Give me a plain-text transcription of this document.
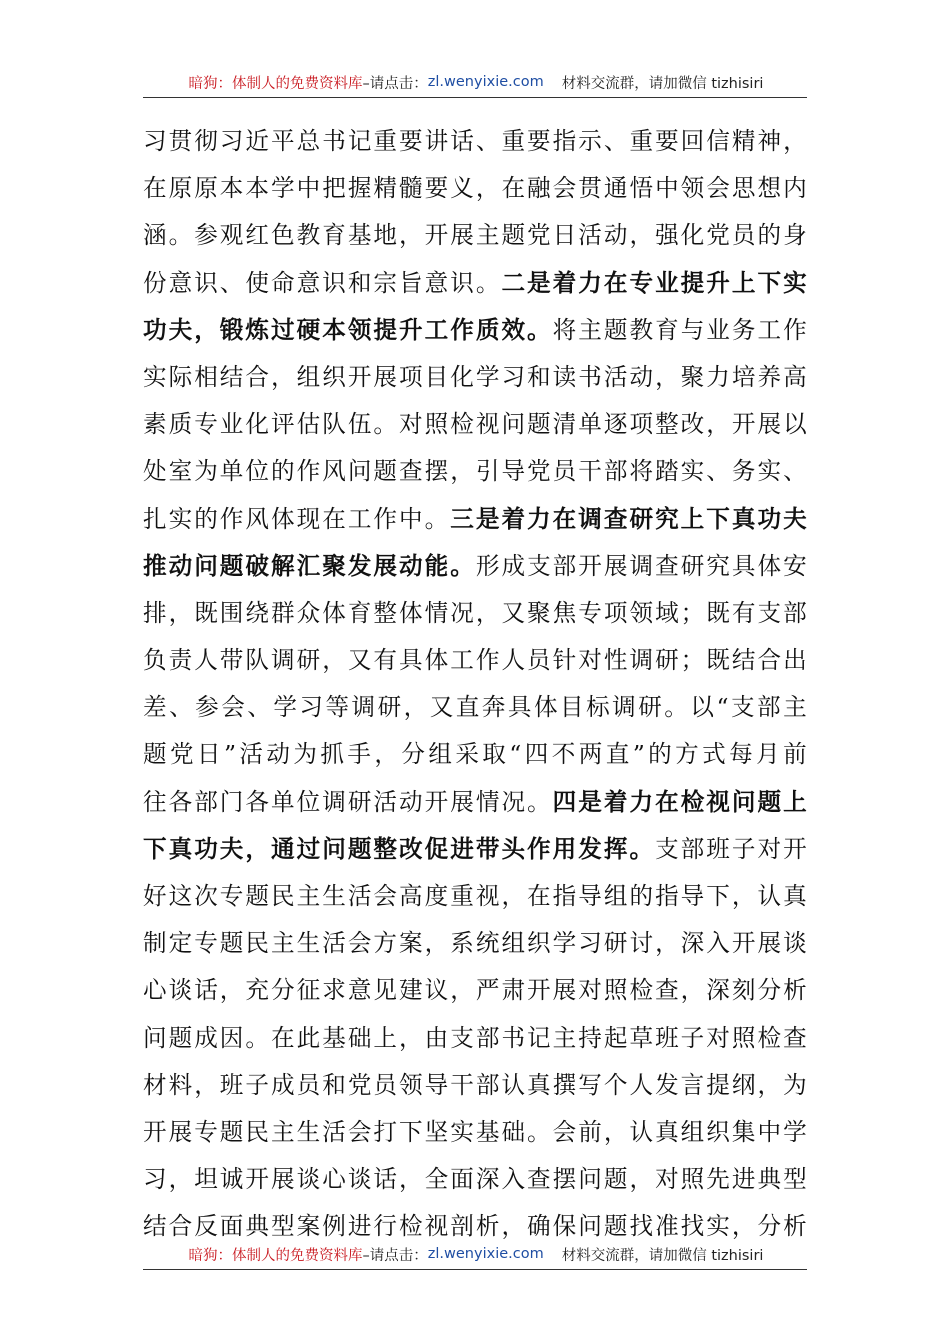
暗狗：体制人的免费资料库 –请点击： zl.wenyixie.com 材料交流群，请加微信 tizhisiri
习贯彻习近平总书记重要讲话、重要指示、重要回信精神，
在原原本本学中把握精髓要义，在融会贯通悟中领会思想内
涵。参观红色教育基地，开展主题党日活动，强化党员的身
份意识、使命意识和宗旨意识。二是着力在专业提升上下实
功夫，锻炼过硬本领提升工作质效。将主题教育与业务工作
实际相结合，组织开展项目化学习和读书活动，聚力培养高
素质专业化评估队伍。对照检视问题清单逐项整改，开展以
处室为单位的作风问题查摆，引导党员干部将踏实、务实、
扎实的作风体现在工作中。三是着力在调查研究上下真功夫
推动问题破解汇聚发展动能。形成支部开展调查研究具体安
排，既围绕群众体育整体情况，又聚焦专项领域；既有支部
负责人带队调研，又有具体工作人员针对性调研；既结合出
差、参会、学习等调研，又直奔具体目标调研。以“支部主
题党日”活动为抓手，分组采取“四不两直”的方式每月前
往各部门各单位调研活动开展情况。四是着力在检视问题上
下真功夫，通过问题整改促进带头作用发挥。支部班子对开
好这次专题民主生活会高度重视，在指导组的指导下，认真
制定专题民主生活会方案，系统组织学习研讨，深入开展谈
心谈话，充分征求意见建议，严肃开展对照检查，深刻分析
问题成因。在此基础上，由支部书记主持起草班子对照检查
材料，班子成员和党员领导干部认真撰写个人发言提纲，为
开展专题民主生活会打下坚实基础。会前，认真组织集中学
习，坦诚开展谈心谈话，全面深入查摆问题，对照先进典型
结合反面典型案例进行检视剖析，确保问题找准找实，分析
暗狗：体制人的免费资料库 –请点击： zl.wenyixie.com 材料交流群，请加微信 tizhisiri
